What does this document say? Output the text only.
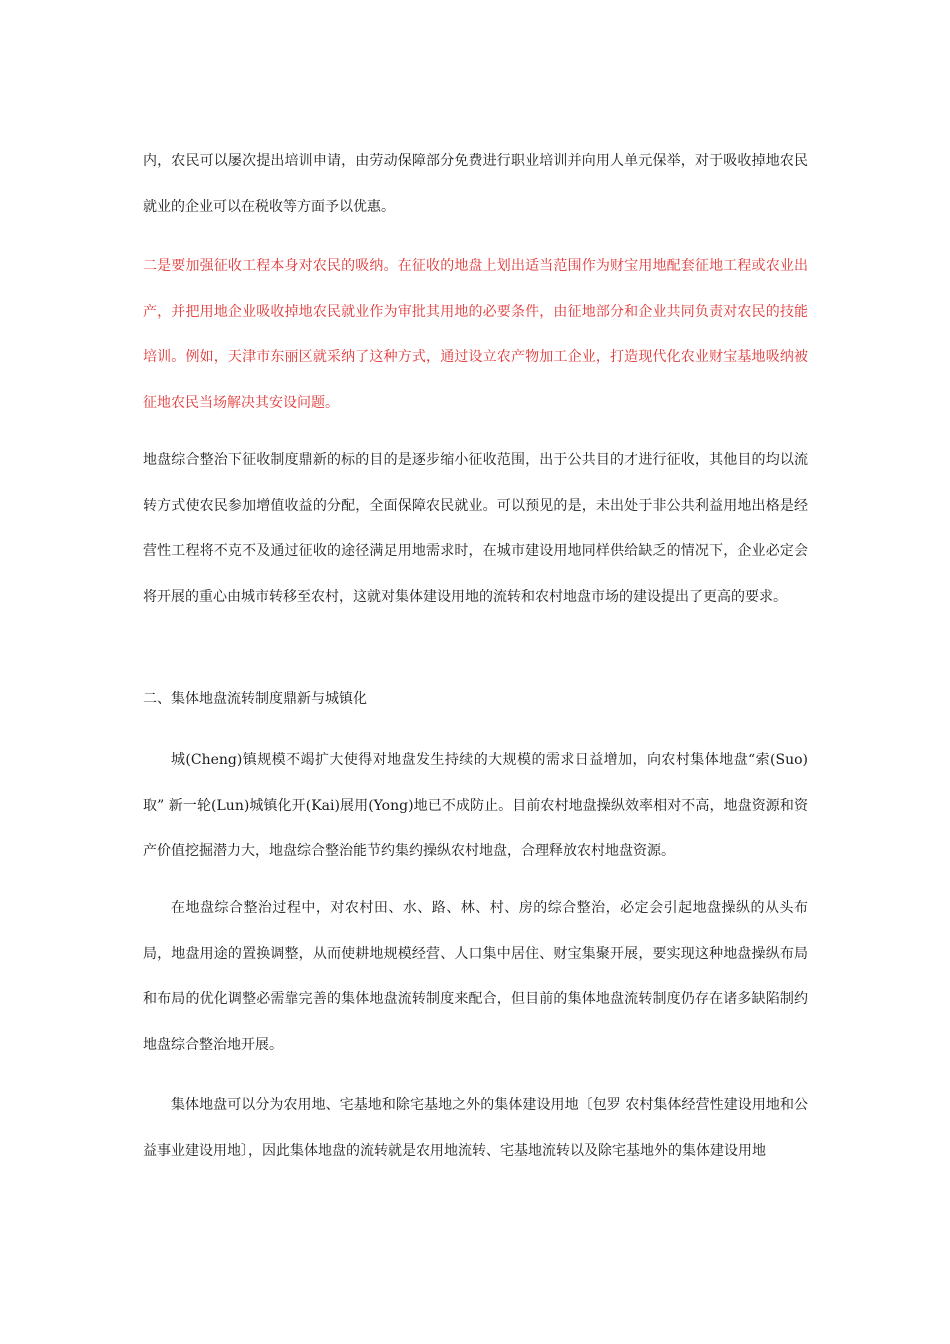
内，农民可以屡次提出培训申请，由劳动保障部分免费进行职业培训并向用人单元保举，对于吸收掉地农民就业的企业可以在税收等方面予以优惠。

二是要加强征收工程本身对农民的吸纳。在征收的地盘上划出适当范围作为财宝用地配套征地工程或农业出产，并把用地企业吸收掉地农民就业作为审批其用地的必要条件，由征地部分和企业共同负责对农民的技能培训。例如，天津市东丽区就采纳了这种方式，通过设立农产物加工企业，打造现代化农业财宝基地吸纳被征地农民当场解决其安设问题。

地盘综合整治下征收制度鼎新的标的目的是逐步缩小征收范围，出于公共目的才进行征收，其他目的均以流转方式使农民参加增值收益的分配，全面保障农民就业。可以预见的是，未出处于非公共利益用地出格是经营性工程将不克不及通过征收的途径满足用地需求时，在城市建设用地同样供给缺乏的情况下，企业必定会将开展的重心由城市转移至农村，这就对集体建设用地的流转和农村地盘市场的建设提出了更高的要求。

二、集体地盘流转制度鼎新与城镇化

城(Cheng)镇规模不竭扩大使得对地盘发生持续的大规模的需求日益增加，向农村集体地盘“索(Suo)取” 新一轮(Lun)城镇化开(Kai)展用(Yong)地已不成防止。目前农村地盘操纵效率相对不高，地盘资源和资产价值挖掘潜力大，地盘综合整治能节约集约操纵农村地盘，合理释放农村地盘资源。

在地盘综合整治过程中，对农村田、水、路、林、村、房的综合整治，必定会引起地盘操纵的从头布局，地盘用途的置换调整，从而使耕地规模经营、人口集中居住、财宝集聚开展，要实现这种地盘操纵布局和布局的优化调整必需靠完善的集体地盘流转制度来配合，但目前的集体地盘流转制度仍存在诸多缺陷制约地盘综合整治地开展。

集体地盘可以分为农用地、宅基地和除宅基地之外的集体建设用地〔包罗 农村集体经营性建设用地和公益事业建设用地〕，因此集体地盘的流转就是农用地流转、宅基地流转以及除宅基地外的集体建设用地
